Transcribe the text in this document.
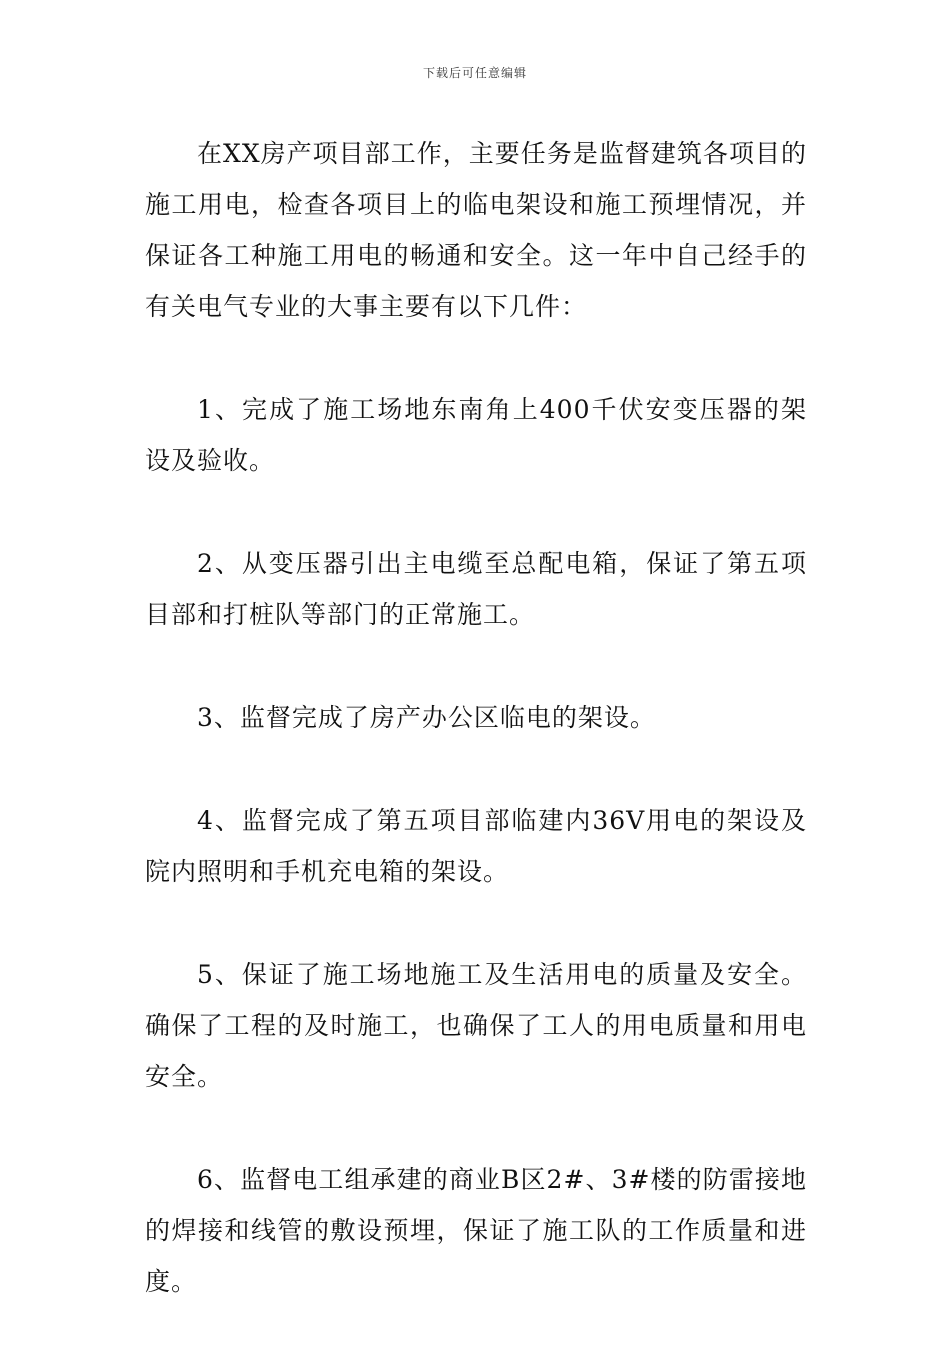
下载后可任意编辑

在XX房产项目部工作，主要任务是监督建筑各项目的施工用电，检查各项目上的临电架设和施工预埋情况，并保证各工种施工用电的畅通和安全。这一年中自己经手的有关电气专业的大事主要有以下几件：

1、完成了施工场地东南角上400千伏安变压器的架设及验收。

2、从变压器引出主电缆至总配电箱，保证了第五项目部和打桩队等部门的正常施工。

3、监督完成了房产办公区临电的架设。

4、监督完成了第五项目部临建内36V用电的架设及院内照明和手机充电箱的架设。

5、保证了施工场地施工及生活用电的质量及安全。确保了工程的及时施工，也确保了工人的用电质量和用电安全。

6、监督电工组承建的商业B区2#、3#楼的防雷接地的焊接和线管的敷设预埋，保证了施工队的工作质量和进度。
